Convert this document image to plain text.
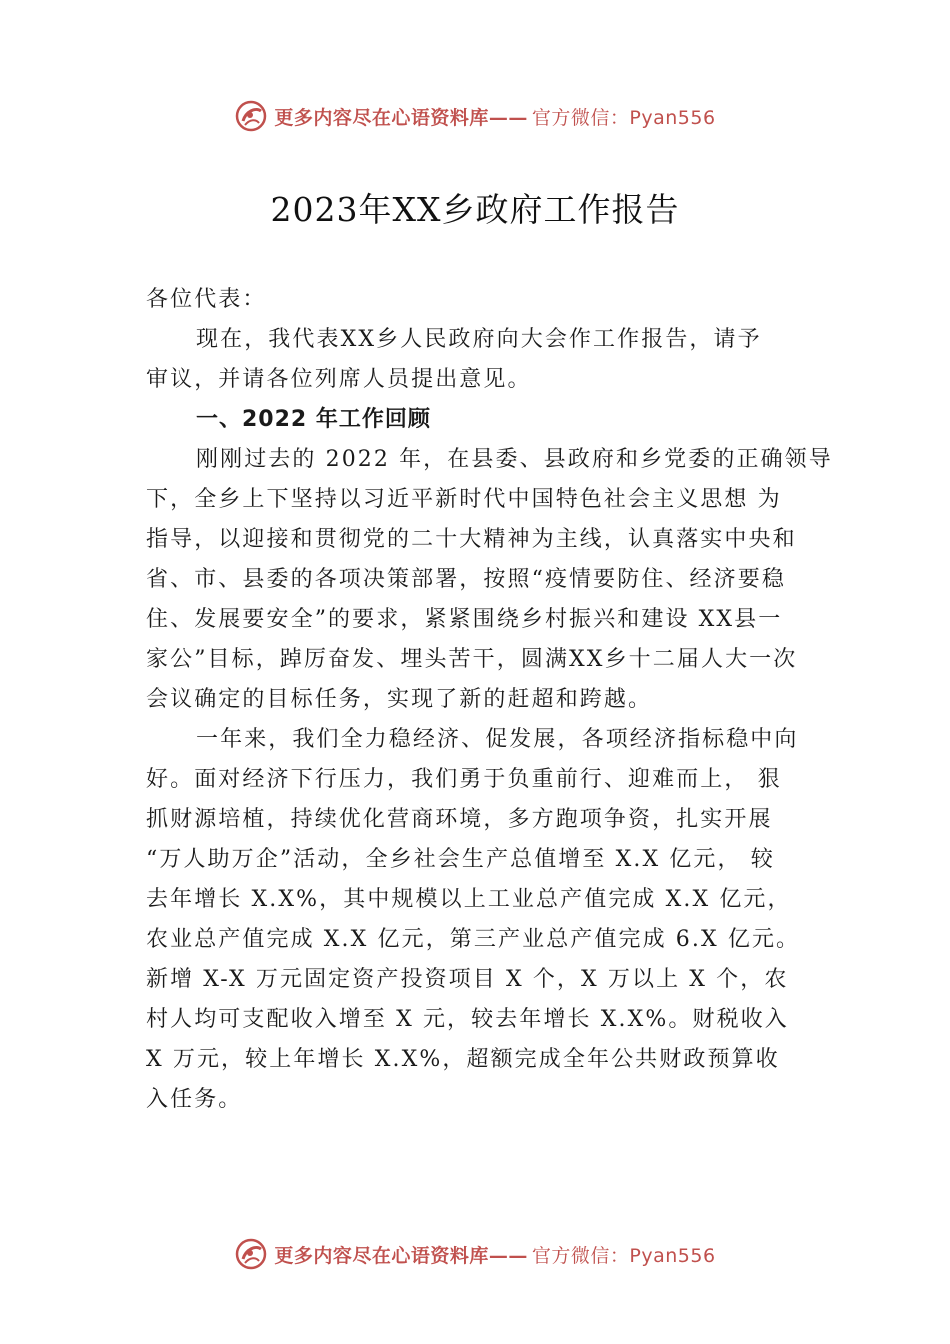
更多内容尽在心语资料库—— 官方微信：Pyan556
2023年XX乡政府工作报告
各位代表：
现在，我代表XX乡人民政府向大会作工作报告，请予
审议，并请各位列席人员提出意见。
一、2022 年工作回顾
刚刚过去的 2022 年，在县委、县政府和乡党委的正确领导
下，全乡上下坚持以习近平新时代中国特色社会主义思想 为
指导，以迎接和贯彻党的二十大精神为主线，认真落实中央和
省、市、县委的各项决策部署，按照“疫情要防住、经济要稳
住、发展要安全”的要求，紧紧围绕乡村振兴和建设 XX县一
家公”目标，踔厉奋发、埋头苦干，圆满XX乡十二届人大一次
会议确定的目标任务，实现了新的赶超和跨越。
一年来，我们全力稳经济、促发展，各项经济指标稳中向
好。面对经济下行压力，我们勇于负重前行、迎难而上， 狠
抓财源培植，持续优化营商环境，多方跑项争资，扎实开展
“万人助万企”活动，全乡社会生产总值增至 X.X 亿元， 较
去年增长 X.X%，其中规模以上工业总产值完成 X.X 亿元，
农业总产值完成 X.X 亿元，第三产业总产值完成 6.X 亿元。
新增 X-X 万元固定资产投资项目 X 个，X 万以上 X 个，农
村人均可支配收入增至 X 元，较去年增长 X.X%。财税收入
X 万元，较上年增长 X.X%，超额完成全年公共财政预算收
入任务。
更多内容尽在心语资料库—— 官方微信：Pyan556
